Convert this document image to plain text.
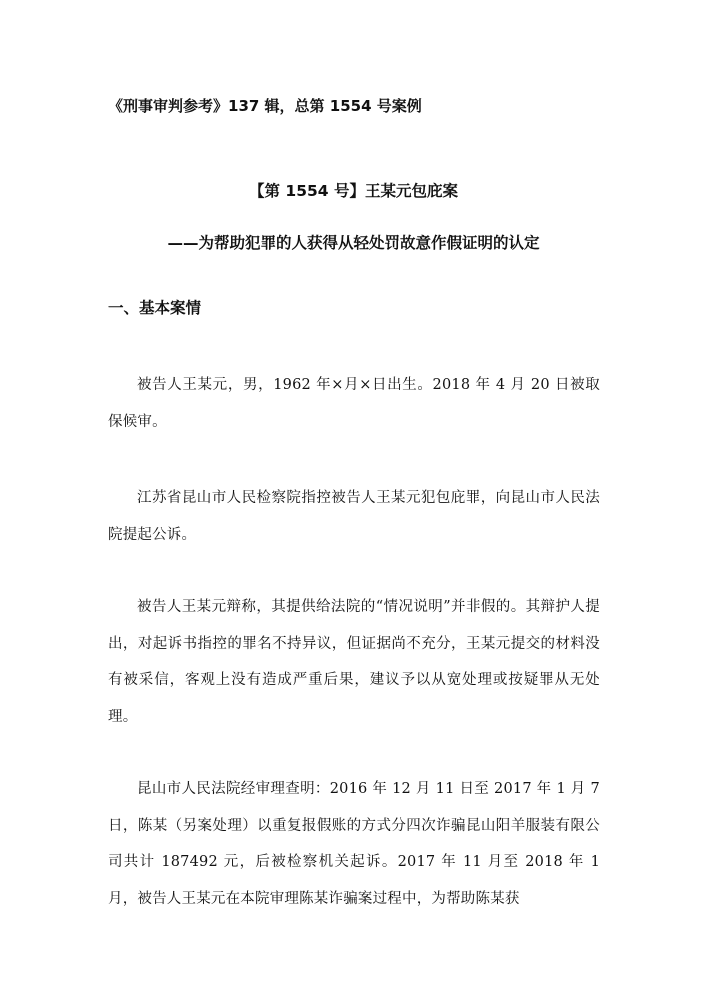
《刑事审判参考》137 辑，总第 1554 号案例
【第 1554 号】王某元包庇案
——为帮助犯罪的人获得从轻处罚故意作假证明的认定
一、基本案情

被告人王某元，男，1962 年×月×日出生。2018 年 4 月 20 日被取保候审。

江苏省昆山市人民检察院指控被告人王某元犯包庇罪，向昆山市人民法院提起公诉。

被告人王某元辩称，其提供给法院的“情况说明”并非假的。其辩护人提出，对起诉书指控的罪名不持异议，但证据尚不充分，王某元提交的材料没有被采信，客观上没有造成严重后果，建议予以从宽处理或按疑罪从无处理。

昆山市人民法院经审理查明：2016 年 12 月 11 日至 2017 年 1 月 7 日，陈某（另案处理）以重复报假账的方式分四次诈骗昆山阳羊服装有限公司共计 187492 元，后被检察机关起诉。2017 年 11 月至 2018 年 1 月，被告人王某元在本院审理陈某诈骗案过程中，为帮助陈某获
